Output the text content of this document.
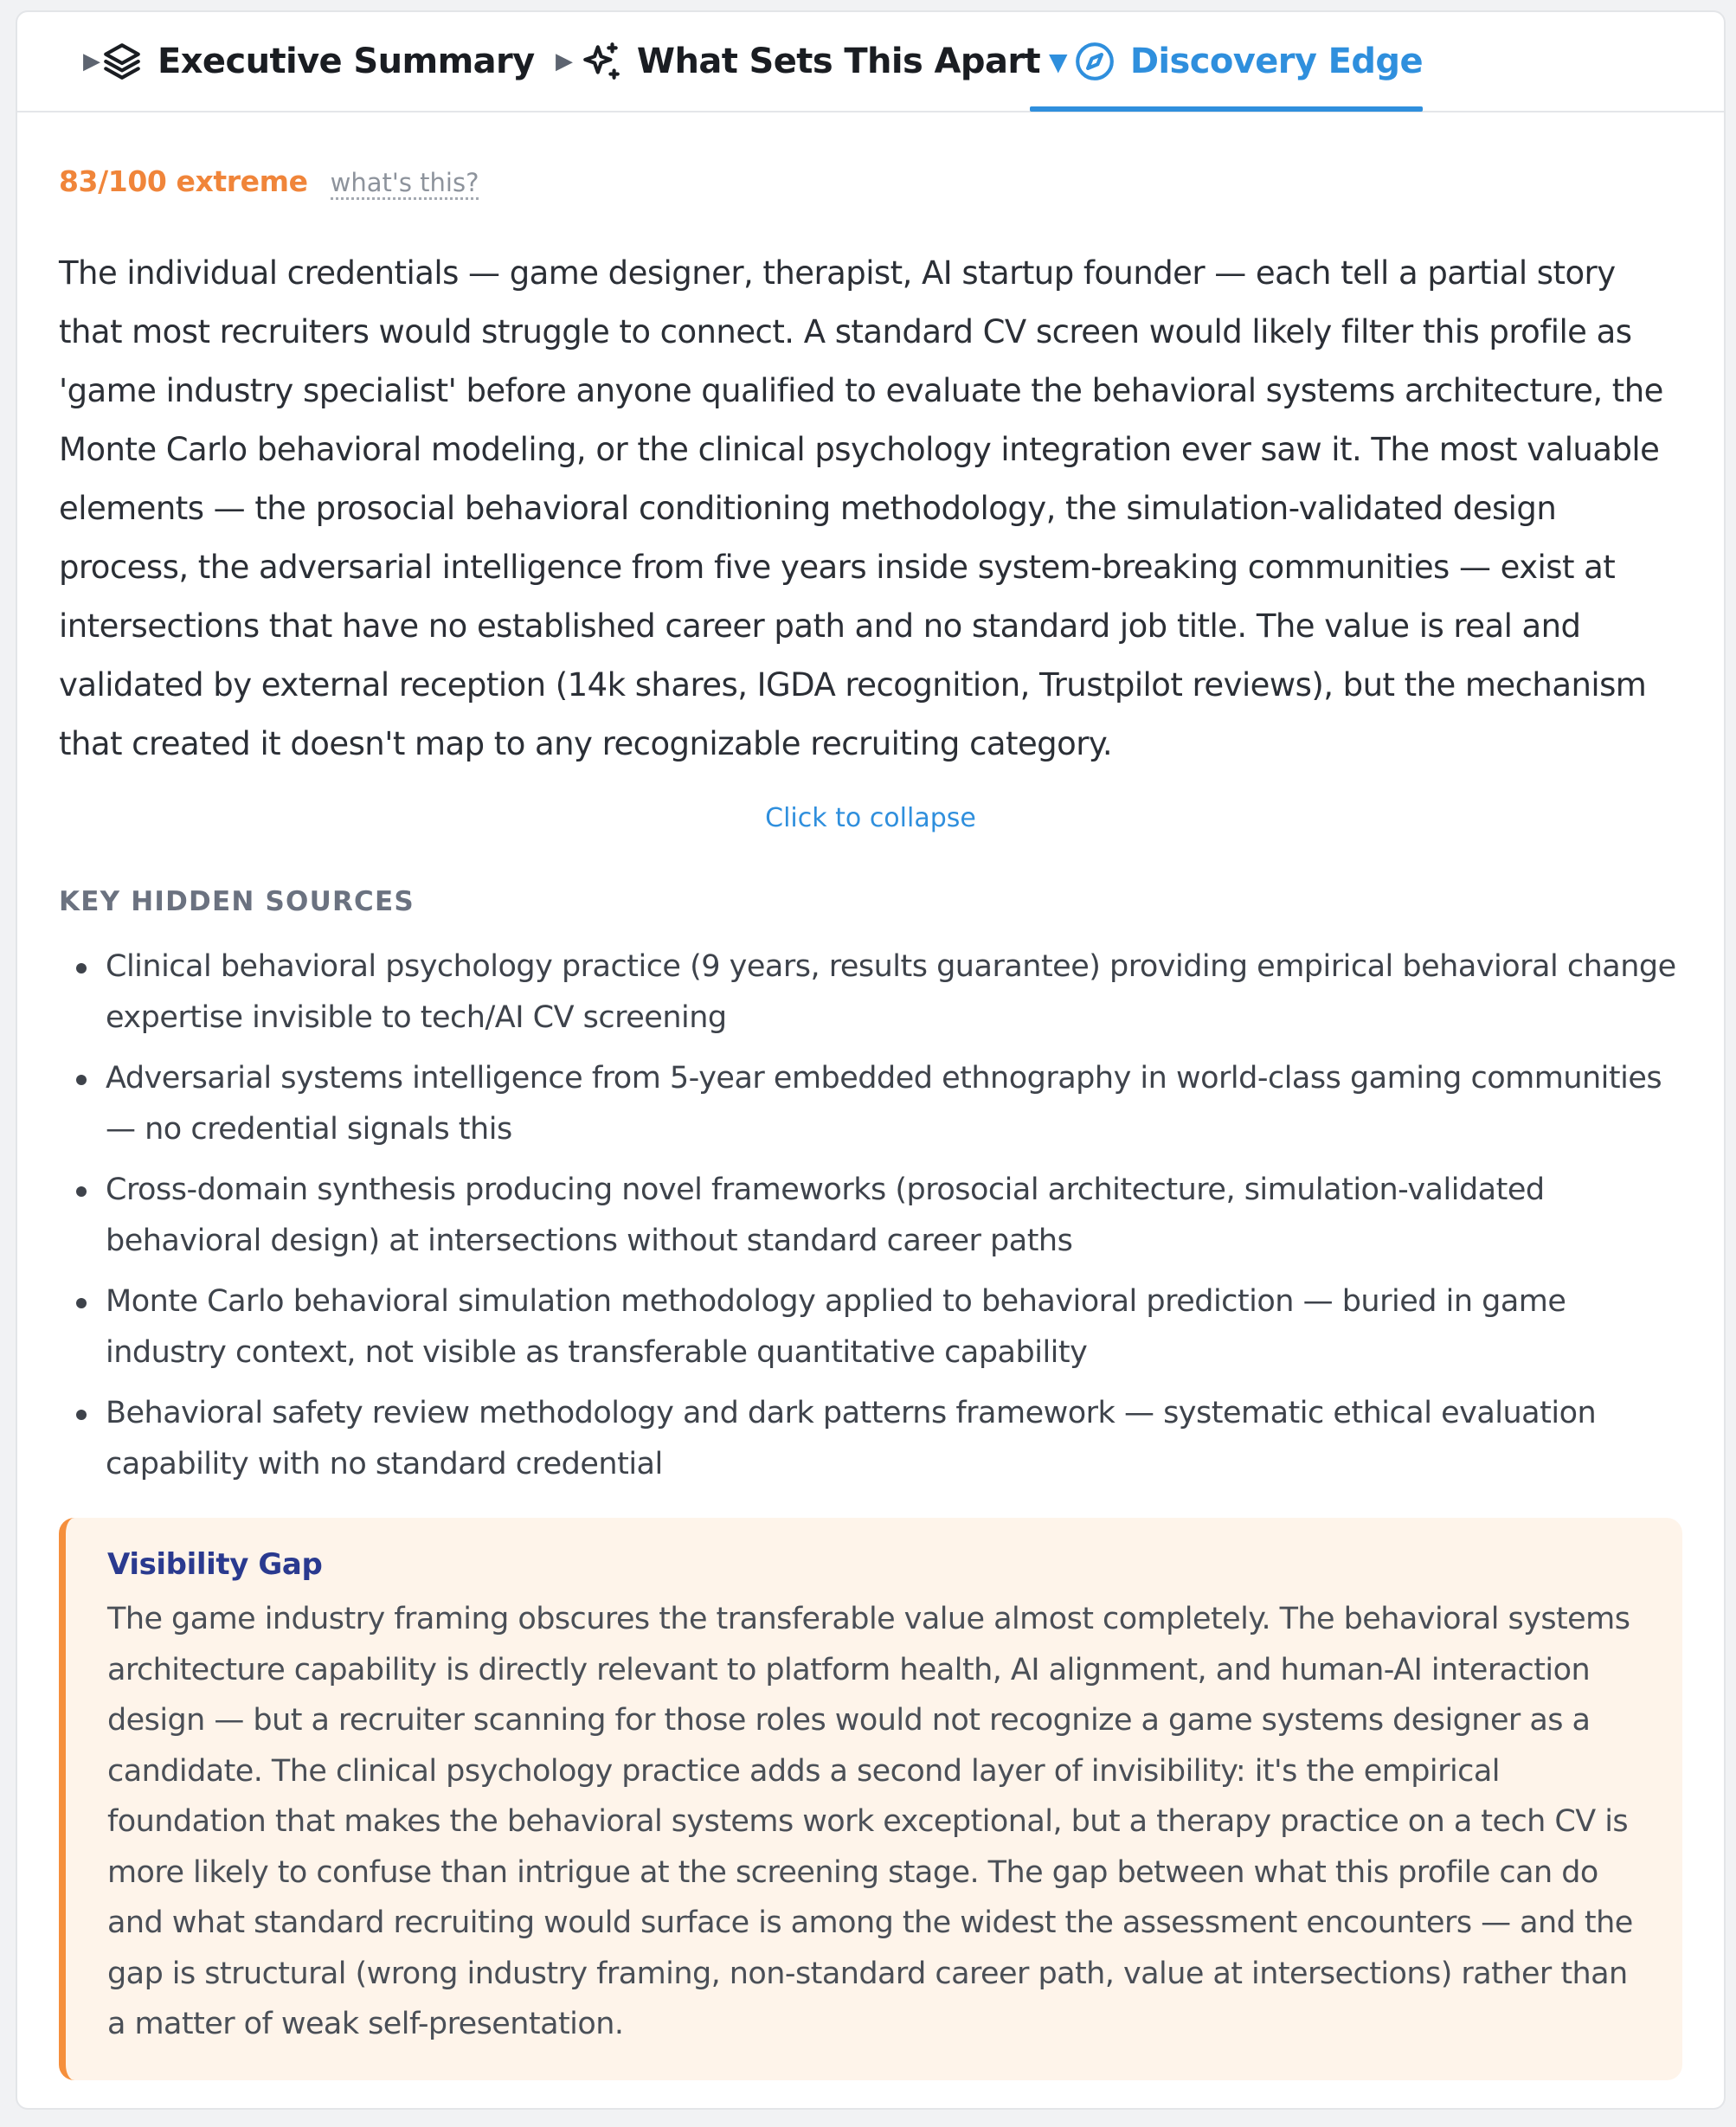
▶ Executive Summary ▶ What Sets This Apart ▼ Discovery Edge
83/100 extreme what's this?

The individual credentials — game designer, therapist, AI startup founder — each tell a partial story that most recruiters would struggle to connect. A standard CV screen would likely filter this profile as 'game industry specialist' before anyone qualified to evaluate the behavioral systems architecture, the Monte Carlo behavioral modeling, or the clinical psychology integration ever saw it. The most valuable elements — the prosocial behavioral conditioning methodology, the simulation-validated design process, the adversarial intelligence from five years inside system-breaking communities — exist at intersections that have no established career path and no standard job title. The value is real and validated by external reception (14k shares, IGDA recognition, Trustpilot reviews), but the mechanism that created it doesn't map to any recognizable recruiting category.

Click to collapse
KEY HIDDEN SOURCES
Clinical behavioral psychology practice (9 years, results guarantee) providing empirical behavioral change expertise invisible to tech/AI CV screening
Adversarial systems intelligence from 5-year embedded ethnography in world-class gaming communities — no credential signals this
Cross-domain synthesis producing novel frameworks (prosocial architecture, simulation-validated behavioral design) at intersections without standard career paths
Monte Carlo behavioral simulation methodology applied to behavioral prediction — buried in game industry context, not visible as transferable quantitative capability
Behavioral safety review methodology and dark patterns framework — systematic ethical evaluation capability with no standard credential
Visibility Gap

The game industry framing obscures the transferable value almost completely. The behavioral systems architecture capability is directly relevant to platform health, AI alignment, and human-AI interaction design — but a recruiter scanning for those roles would not recognize a game systems designer as a candidate. The clinical psychology practice adds a second layer of invisibility: it's the empirical foundation that makes the behavioral systems work exceptional, but a therapy practice on a tech CV is more likely to confuse than intrigue at the screening stage. The gap between what this profile can do and what standard recruiting would surface is among the widest the assessment encounters — and the gap is structural (wrong industry framing, non-standard career path, value at intersections) rather than a matter of weak self-presentation.
